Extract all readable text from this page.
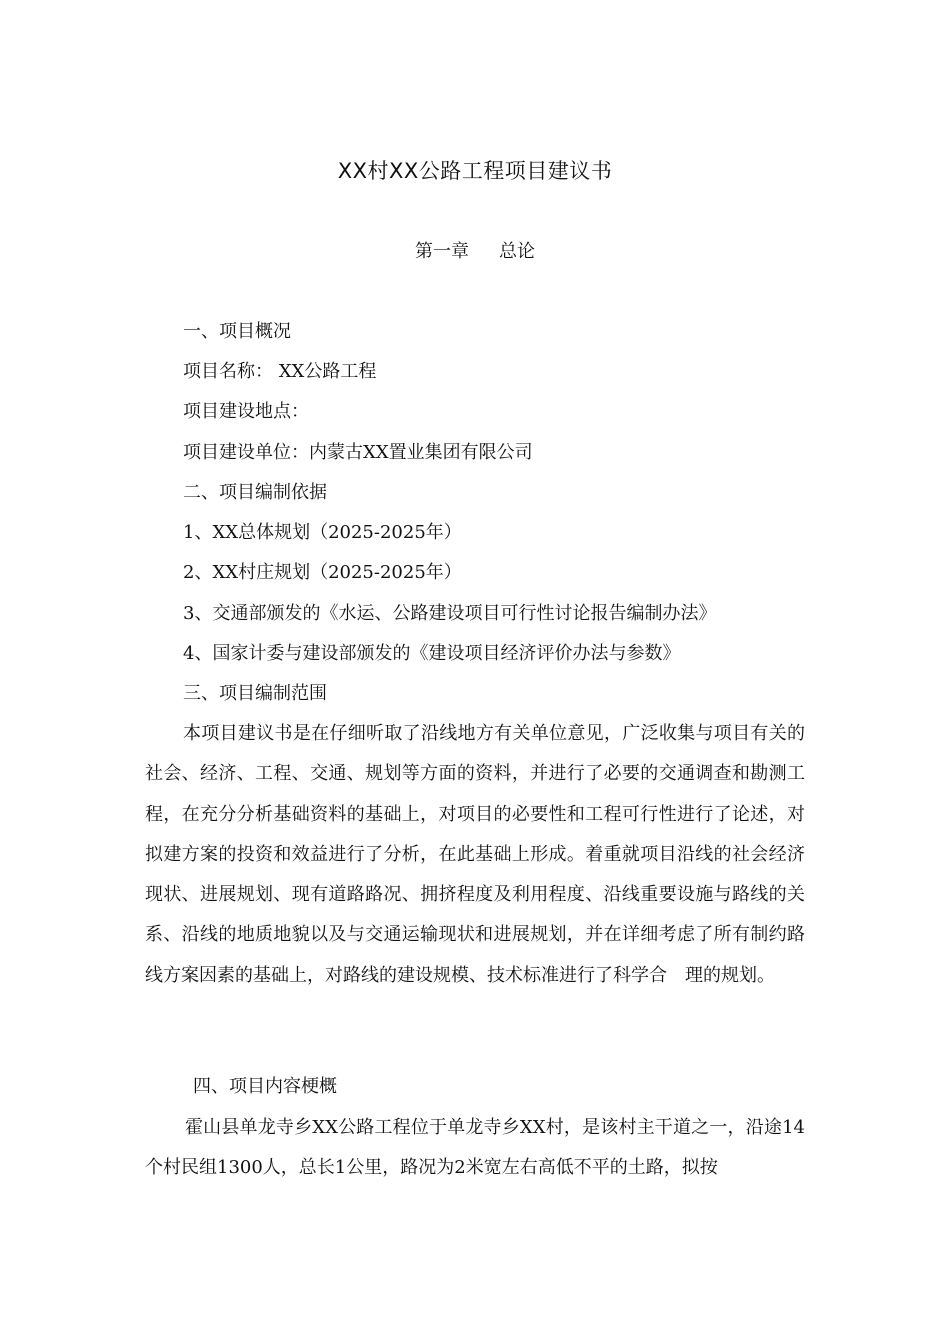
XX村XX公路工程项目建议书
第一章 总论
一、项目概况
项目名称： XX公路工程
项目建设地点：
项目建设单位：内蒙古XX置业集团有限公司
二、项目编制依据
1、XX总体规划（2025-2025年）
2、XX村庄规划（2025-2025年）
3、交通部颁发的《水运、公路建设项目可行性讨论报告编制办法》
4、国家计委与建设部颁发的《建设项目经济评价办法与参数》
三、项目编制范围
本项目建议书是在仔细听取了沿线地方有关单位意见，广泛收集与项目有关的社会、经济、工程、交通、规划等方面的资料，并进行了必要的交通调查和勘测工程，在充分分析基础资料的基础上，对项目的必要性和工程可行性进行了论述，对拟建方案的投资和效益进行了分析，在此基础上形成。着重就项目沿线的社会经济现状、进展规划、现有道路路况、拥挤程度及利用程度、沿线重要设施与路线的关系、沿线的地质地貌以及与交通运输现状和进展规划，并在详细考虑了所有制约路线方案因素的基础上，对路线的建设规模、技术标准进行了科学合　理的规划。
四、项目内容梗概
霍山县单龙寺乡XX公路工程位于单龙寺乡XX村，是该村主干道之一，沿途14个村民组1300人，总长1公里，路况为2米宽左右高低不平的土路，拟按
